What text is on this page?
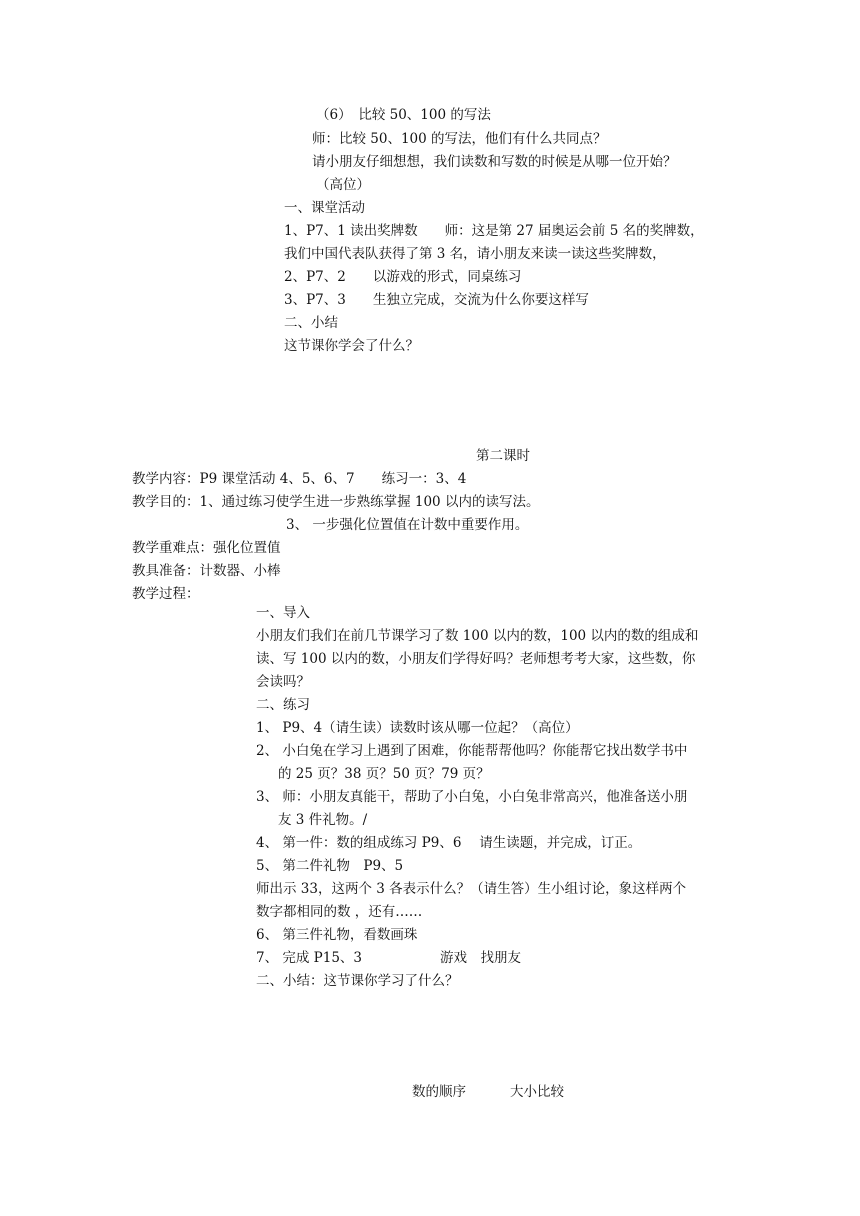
（6）　比较 50、100 的写法
师：比较 50、100 的写法，他们有什么共同点？
请小朋友仔细想想，我们读数和写数的时候是从哪一位开始？
（高位）
一、课堂活动
1、P7、1 读出奖牌数　　师：这是第 27 届奥运会前 5 名的奖牌数，
我们中国代表队获得了第 3 名，请小朋友来读一读这些奖牌数，
2、P7、2　　以游戏的形式，同桌练习
3、P7、3　　生独立完成，交流为什么你要这样写
二、小结
这节课你学会了什么？
第二课时
教学内容：P9 课堂活动 4、5、6、7　　练习一：3、4
教学目的：1、通过练习使学生进一步熟练掌握 100 以内的读写法。
3、 一步强化位置值在计数中重要作用。
教学重难点：强化位置值
教具准备：计数器、小棒
教学过程：
一、导入
小朋友们我们在前几节课学习了数 100 以内的数，100 以内的数的组成和
读、写 100 以内的数，小朋友们学得好吗？老师想考考大家，这些数，你
会读吗？
二、练习
1、 P9、4（请生读）读数时该从哪一位起？（高位）
2、 小白兔在学习上遇到了困难，你能帮帮他吗？你能帮它找出数学书中
的 25 页？38 页？50 页？79 页？
3、 师：小朋友真能干，帮助了小白兔，小白兔非常高兴，他准备送小朋
友 3 件礼物。/
4、 第一件：数的组成练习 P9、6　 请生读题，并完成，订正。
5、 第二件礼物　P9、5
师出示 33，这两个 3 各表示什么？（请生答）生小组讨论，象这样两个
数字都相同的数 ，还有……
6、 第三件礼物，看数画珠
7、 完成 P15、3	游戏　找朋友
二、小结：这节课你学习了什么？
数的顺序	大小比较
